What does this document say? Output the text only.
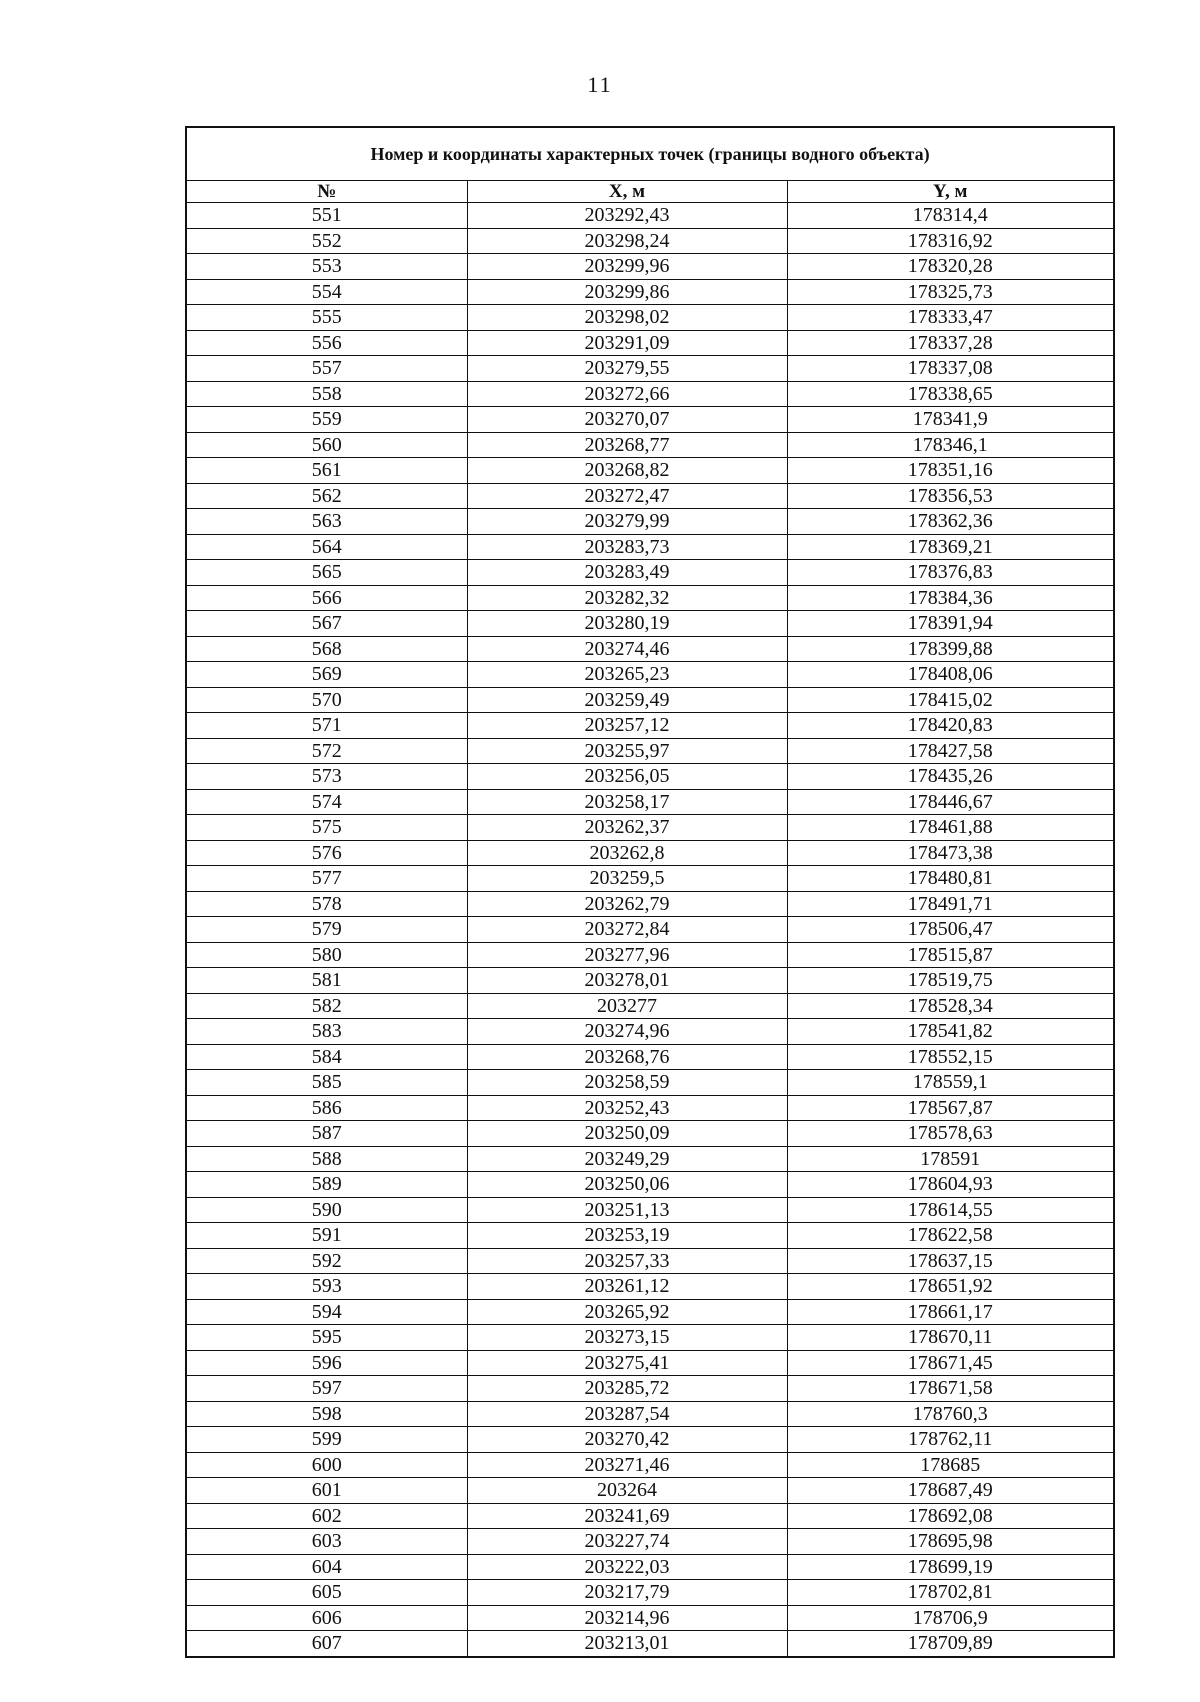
11
Номер и координаты характерных точек (границы водного объекта)		
№	X, м	Y, м
551	203292,43	178314,4
552	203298,24	178316,92
553	203299,96	178320,28
554	203299,86	178325,73
555	203298,02	178333,47
556	203291,09	178337,28
557	203279,55	178337,08
558	203272,66	178338,65
559	203270,07	178341,9
560	203268,77	178346,1
561	203268,82	178351,16
562	203272,47	178356,53
563	203279,99	178362,36
564	203283,73	178369,21
565	203283,49	178376,83
566	203282,32	178384,36
567	203280,19	178391,94
568	203274,46	178399,88
569	203265,23	178408,06
570	203259,49	178415,02
571	203257,12	178420,83
572	203255,97	178427,58
573	203256,05	178435,26
574	203258,17	178446,67
575	203262,37	178461,88
576	203262,8	178473,38
577	203259,5	178480,81
578	203262,79	178491,71
579	203272,84	178506,47
580	203277,96	178515,87
581	203278,01	178519,75
582	203277	178528,34
583	203274,96	178541,82
584	203268,76	178552,15
585	203258,59	178559,1
586	203252,43	178567,87
587	203250,09	178578,63
588	203249,29	178591
589	203250,06	178604,93
590	203251,13	178614,55
591	203253,19	178622,58
592	203257,33	178637,15
593	203261,12	178651,92
594	203265,92	178661,17
595	203273,15	178670,11
596	203275,41	178671,45
597	203285,72	178671,58
598	203287,54	178760,3
599	203270,42	178762,11
600	203271,46	178685
601	203264	178687,49
602	203241,69	178692,08
603	203227,74	178695,98
604	203222,03	178699,19
605	203217,79	178702,81
606	203214,96	178706,9
607	203213,01	178709,89
